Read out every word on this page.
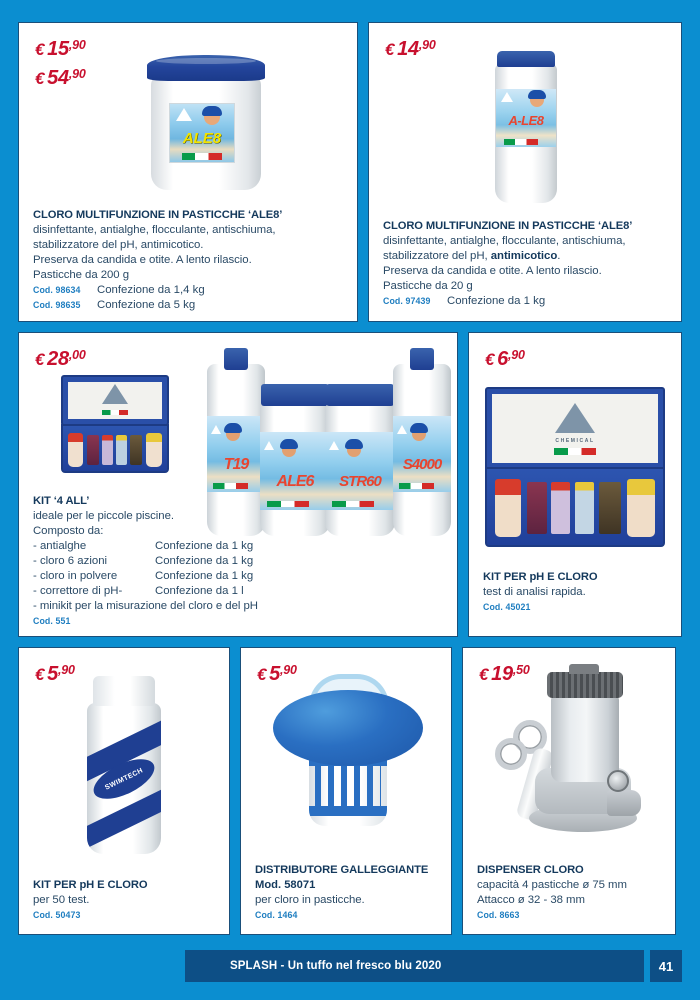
€ $15^{,90}$
€ $54^{,90}$
ALE8
CLORO MULTIFUNZIONE IN PASTICCHE ‘ALE8’
disinfettante, antialghe, flocculante, antischiuma,
stabilizzatore del pH, antimicotico.
Preserva da candida e otite. A lento rilascio.
Pasticche da 200 g
Cod. 98634	Confezione da 1,4 kg
Cod. 98635	Confezione da 5 kg
€ $14^{,90}$
A-LE8
CLORO MULTIFUNZIONE IN PASTICCHE ‘ALE8’
disinfettante, antialghe, flocculante, antischiuma,
stabilizzatore del pH, antimicotico.
Preserva da candida e otite. A lento rilascio.
Pasticche da 20 g
Cod. 97439	Confezione da 1 kg
€ $28^{,00}$
T19
ALE6	STR60
S4000
KIT ‘4 ALL’
ideale per le piccole piscine.
Composto da:
- antialghe	Confezione da 1 kg
- cloro 6 azioni	Confezione da 1 kg
- cloro in polvere	Confezione da 1 kg
- correttore di pH-	Confezione da 1 l
- minikit per la misurazione del cloro e del pH
Cod. 551
€ $6^{,90}$
CHEMICAL
KIT PER pH E CLORO
test di analisi rapida.
Cod. 45021
€ $5^{,90}$
SWIMTECH
KIT PER pH E CLORO
per 50 test.
Cod. 50473
€ $5^{,90}$
DISTRIBUTORE GALLEGGIANTE
Mod. 58071
per cloro in pasticche.
Cod. 1464
€ $19^{,50}$
DISPENSER CLORO
capacità 4 pasticche ø 75 mm
Attacco ø 32 - 38 mm
Cod. 8663
SPLASH - Un tuffo nel fresco blu 2020	41
